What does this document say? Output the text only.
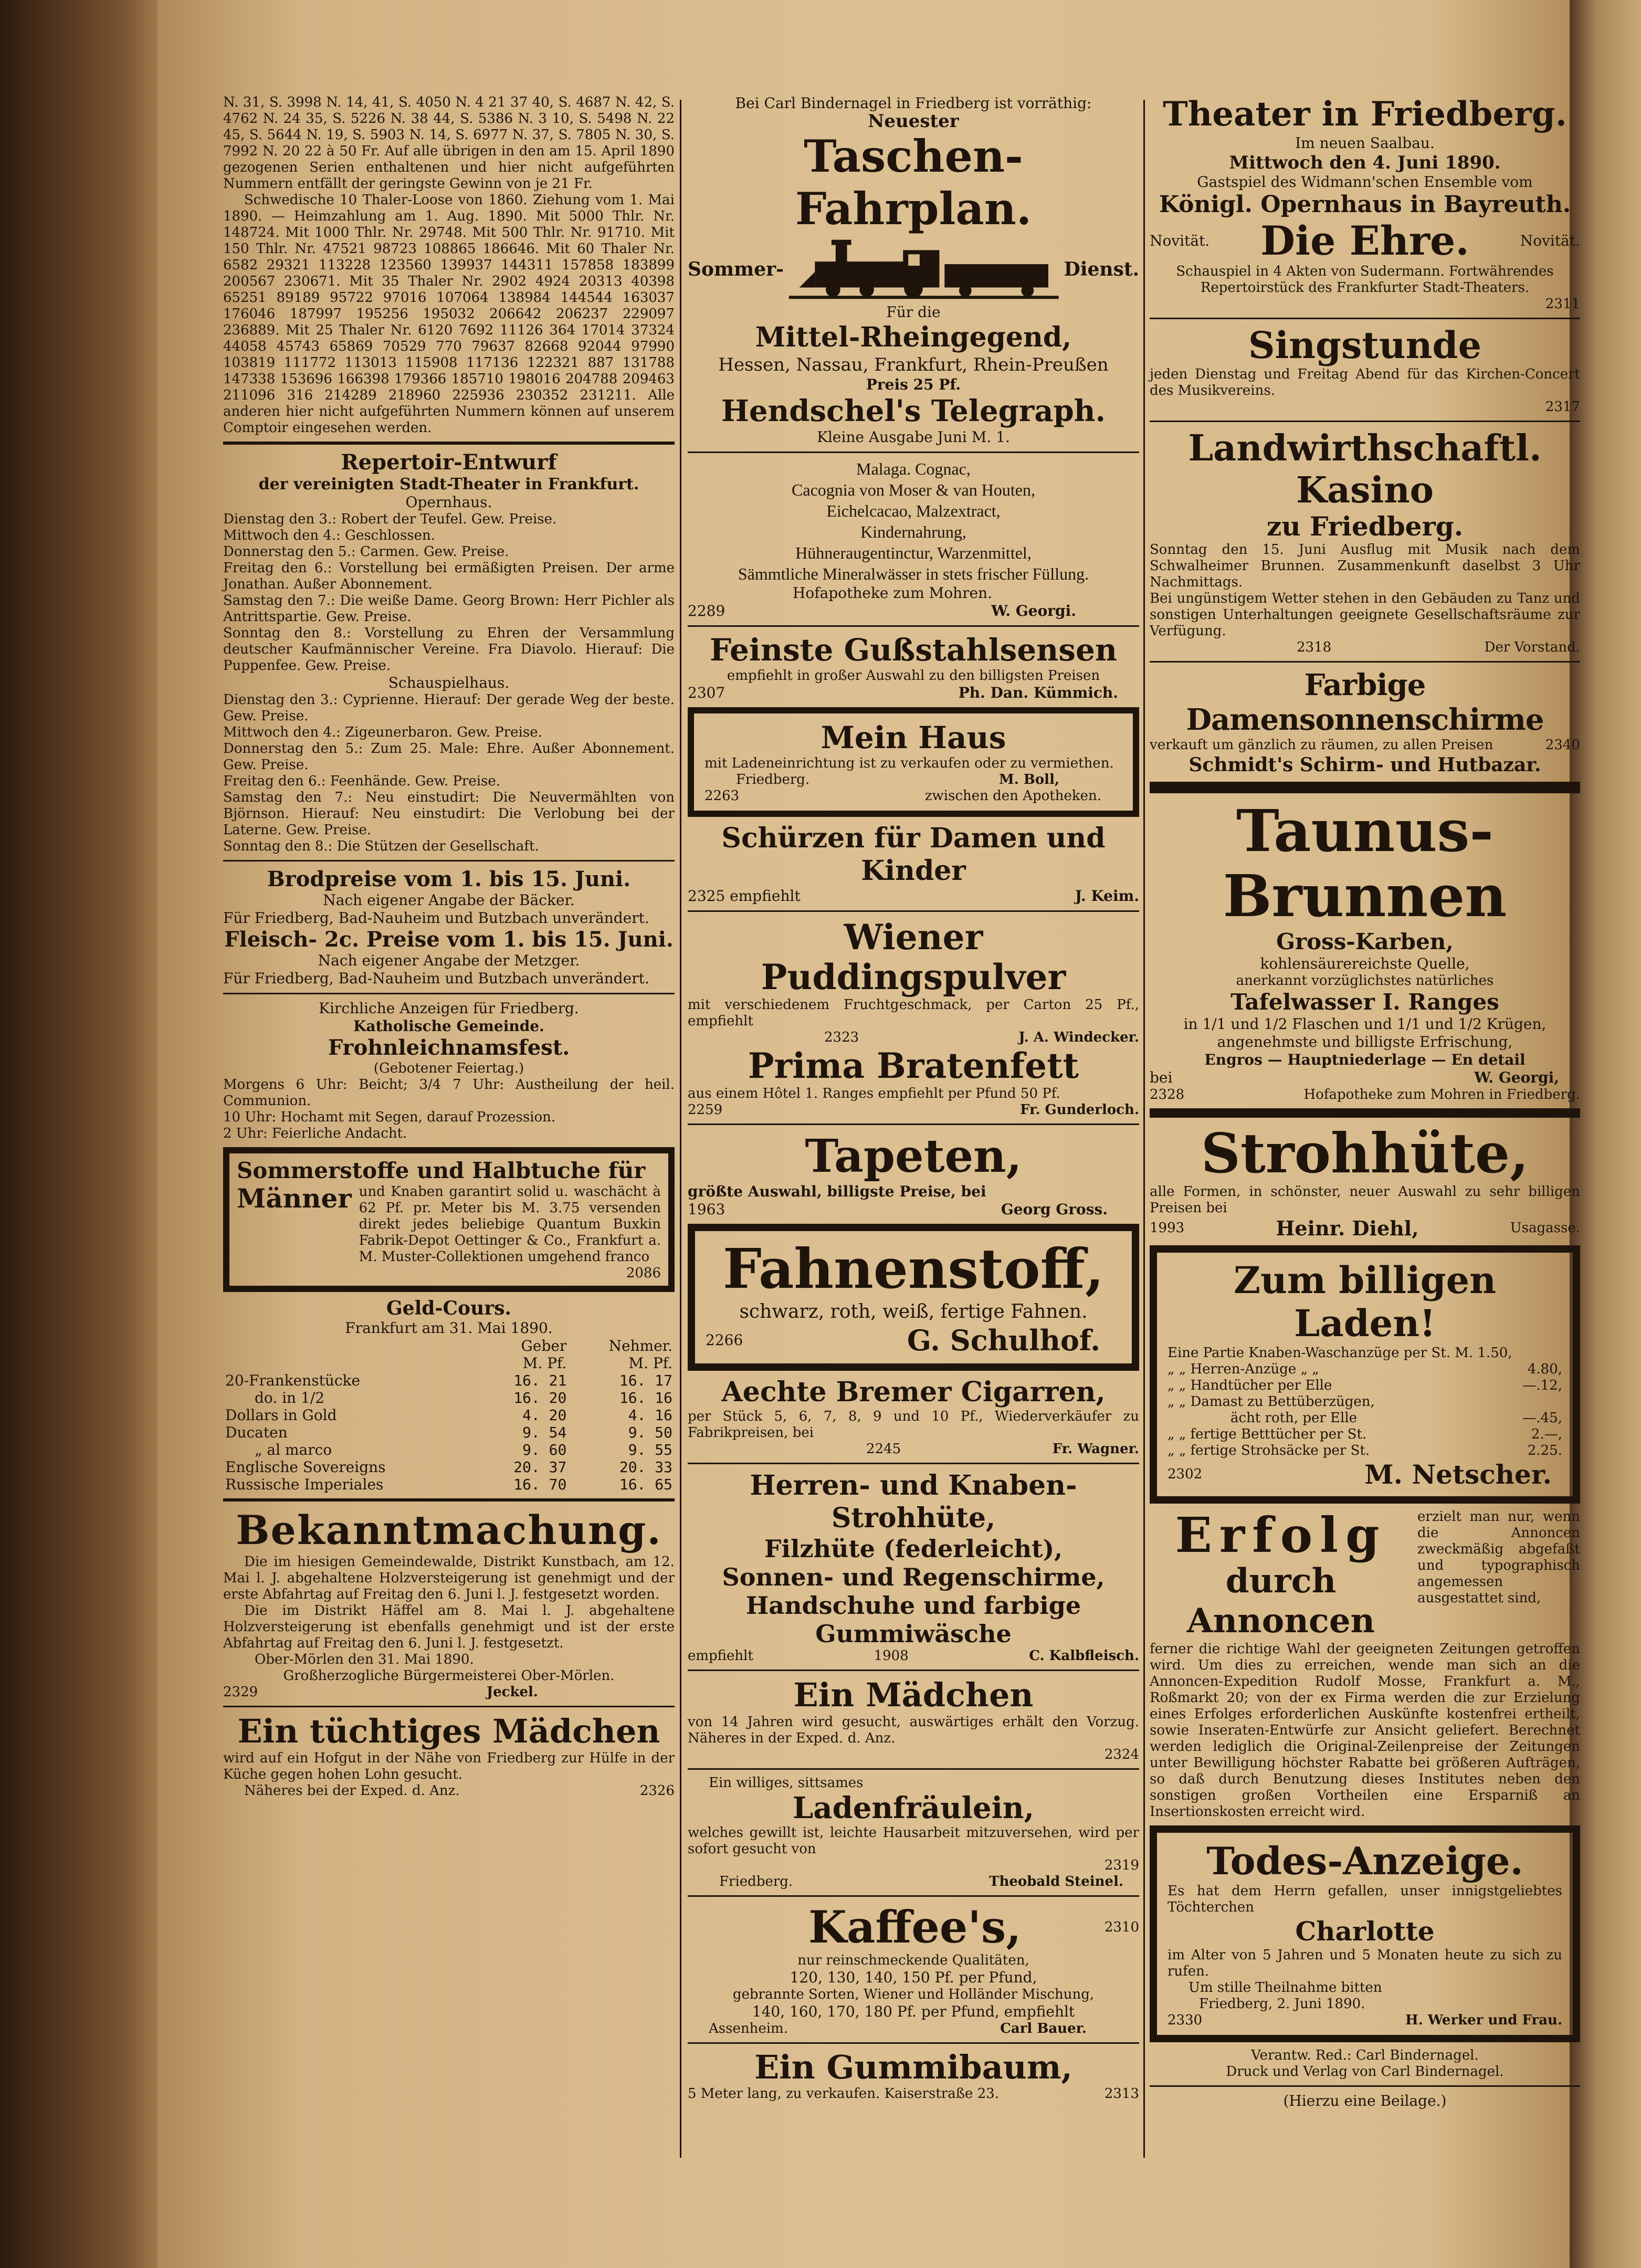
N. 31, S. 3998 N. 14, 41, S. 4050 N. 4 21 37 40, S. 4687 N. 42, S. 4762 N. 24 35, S. 5226 N. 38 44, S. 5386 N. 3 10, S. 5498 N. 22 45, S. 5644 N. 19, S. 5903 N. 14, S. 6977 N. 37, S. 7805 N. 30, S. 7992 N. 20 22 à 50 Fr. Auf alle übrigen in den am 15. April 1890 gezogenen Serien enthaltenen und hier nicht aufgeführten Nummern entfällt der geringste Gewinn von je 21 Fr.
Schwedische 10 Thaler-Loose von 1860. Ziehung vom 1. Mai 1890. — Heimzahlung am 1. Aug. 1890. Mit 5000 Thlr. Nr. 148724. Mit 1000 Thlr. Nr. 29748. Mit 500 Thlr. Nr. 91710. Mit 150 Thlr. Nr. 47521 98723 108865 186646. Mit 60 Thaler Nr. 6582 29321 113228 123560 139937 144311 157858 183899 200567 230671. Mit 35 Thaler Nr. 2902 4924 20313 40398 65251 89189 95722 97016 107064 138984 144544 163037 176046 187997 195256 195032 206642 206237 229097 236889. Mit 25 Thaler Nr. 6120 7692 11126 364 17014 37324 44058 45743 65869 70529 770 79637 82668 92044 97990 103819 111772 113013 115908 117136 122321 887 131788 147338 153696 166398 179366 185710 198016 204788 209463 211096 316 214289 218960 225936 230352 231211. Alle anderen hier nicht aufgeführten Nummern können auf unserem Comptoir eingesehen werden.
Repertoir-Entwurf
der vereinigten Stadt-Theater in Frankfurt.
Opernhaus.
Dienstag den 3.: Robert der Teufel. Gew. Preise.
Mittwoch den 4.: Geschlossen.
Donnerstag den 5.: Carmen. Gew. Preise.
Freitag den 6.: Vorstellung bei ermäßigten Preisen. Der arme Jonathan. Außer Abonnement.
Samstag den 7.: Die weiße Dame. Georg Brown: Herr Pichler als Antrittspartie. Gew. Preise.
Sonntag den 8.: Vorstellung zu Ehren der Versammlung deutscher Kaufmännischer Vereine. Fra Diavolo. Hierauf: Die Puppenfee. Gew. Preise.
Schauspielhaus.
Dienstag den 3.: Cyprienne. Hierauf: Der gerade Weg der beste. Gew. Preise.
Mittwoch den 4.: Zigeunerbaron. Gew. Preise.
Donnerstag den 5.: Zum 25. Male: Ehre. Außer Abonnement. Gew. Preise.
Freitag den 6.: Feenhände. Gew. Preise.
Samstag den 7.: Neu einstudirt: Die Neuvermählten von Björnson. Hierauf: Neu einstudirt: Die Verlobung bei der Laterne. Gew. Preise.
Sonntag den 8.: Die Stützen der Gesellschaft.
Brodpreise vom 1. bis 15. Juni.
Nach eigener Angabe der Bäcker.
Für Friedberg, Bad-Nauheim und Butzbach unverändert.
Fleisch- 2c. Preise vom 1. bis 15. Juni.
Nach eigener Angabe der Metzger.
Für Friedberg, Bad-Nauheim und Butzbach unverändert.
Kirchliche Anzeigen für Friedberg.
Katholische Gemeinde.
Frohnleichnamsfest.
(Gebotener Feiertag.)
Morgens 6 Uhr: Beicht; 3/4 7 Uhr: Austheilung der heil. Communion.
10 Uhr: Hochamt mit Segen, darauf Prozession.
2 Uhr: Feierliche Andacht.
Sommerstoffe und Halbtuche für
Männer und Knaben garantirt solid u. waschächt à 62 Pf. pr. Meter bis M. 3.75 versenden direkt jedes beliebige Quantum Buxkin Fabrik-Depot Oettinger & Co., Frankfurt a. M. Muster-Collektionen umgehend franco
2086
Geld-Cours.
Frankfurt am 31. Mai 1890.
	Geber	Nehmer.
	M. Pf.	M. Pf.
20-Frankenstücke	16. 21	16. 17
do. in 1/2	16. 20	16. 16
Dollars in Gold	4. 20	4. 16
Ducaten	9. 54	9. 50
„ al marco	9. 60	9. 55
Englische Sovereigns	20. 37	20. 33
Russische Imperiales	16. 70	16. 65
Bekanntmachung.
Die im hiesigen Gemeindewalde, Distrikt Kunstbach, am 12. Mai l. J. abgehaltene Holzversteigerung ist genehmigt und der erste Abfahrtag auf Freitag den 6. Juni l. J. festgesetzt worden.
Die im Distrikt Häffel am 8. Mai l. J. abgehaltene Holzversteigerung ist ebenfalls genehmigt und ist der erste Abfahrtag auf Freitag den 6. Juni l. J. festgesetzt.
Ober-Mörlen den 31. Mai 1890.
Großherzogliche Bürgermeisterei Ober-Mörlen.
2329	Jeckel.
Ein tüchtiges Mädchen
wird auf ein Hofgut in der Nähe von Friedberg zur Hülfe in der Küche gegen hohen Lohn gesucht.
Näheres bei der Exped. d. Anz.	2326
Bei Carl Bindernagel in Friedberg ist vorräthig:
Neuester
Taschen-Fahrplan.
Sommer-	Dienst.
Für die
Mittel-Rheingegend,
Hessen, Nassau, Frankfurt, Rhein-Preußen
Preis 25 Pf.
Hendschel's Telegraph.
Kleine Ausgabe Juni M. 1.
Malaga. Cognac,
Cacognia von Moser & van Houten,
Eichelcacao, Malzextract,
Kindernahrung,
Hühneraugentinctur, Warzenmittel,
Sämmtliche Mineralwässer in stets frischer Füllung.
Hofapotheke zum Mohren.
2289	W. Georgi.
Feinste Gußstahlsensen
empfiehlt in großer Auswahl zu den billigsten Preisen
2307	Ph. Dan. Kümmich.
Mein Haus
mit Ladeneinrichtung ist zu verkaufen oder zu vermiethen.
Friedberg.	M. Boll,
2263	zwischen den Apotheken.
Schürzen für Damen und Kinder
2325 empfiehlt	J. Keim.
Wiener Puddingspulver
mit verschiedenem Fruchtgeschmack, per Carton 25 Pf., empfiehlt
2323	J. A. Windecker.
Prima Bratenfett
aus einem Hôtel 1. Ranges empfiehlt per Pfund 50 Pf.
2259	Fr. Gunderloch.
Tapeten,
größte Auswahl, billigste Preise, bei
1963	Georg Gross.
Fahnenstoff,
schwarz, roth, weiß, fertige Fahnen.
2266	G. Schulhof.
Aechte Bremer Cigarren,
per Stück 5, 6, 7, 8, 9 und 10 Pf., Wiederverkäufer zu Fabrikpreisen, bei
2245	Fr. Wagner.
Herren- und Knaben-Strohhüte,
Filzhüte (federleicht),
Sonnen- und Regenschirme,
Handschuhe und farbige Gummiwäsche
empfiehlt	1908	C. Kalbfleisch.
Ein Mädchen
von 14 Jahren wird gesucht, auswärtiges erhält den Vorzug. Näheres in der Exped. d. Anz.
2324
Ein williges, sittsames
Ladenfräulein,
welches gewillt ist, leichte Hausarbeit mitzuversehen, wird per sofort gesucht von
2319
Friedberg.	Theobald Steinel.
Kaffee's,	2310
nur reinschmeckende Qualitäten,
120, 130, 140, 150 Pf. per Pfund,
gebrannte Sorten, Wiener und Holländer Mischung,
140, 160, 170, 180 Pf. per Pfund, empfiehlt
Assenheim.	Carl Bauer.
Ein Gummibaum,
5 Meter lang, zu verkaufen. Kaiserstraße 23.	2313
Theater in Friedberg.
Im neuen Saalbau.
Mittwoch den 4. Juni 1890.
Gastspiel des Widmann'schen Ensemble vom
Königl. Opernhaus in Bayreuth.
Novität. Die Ehre.	Novität.
Schauspiel in 4 Akten von Sudermann. Fortwährendes Repertoirstück des Frankfurter Stadt-Theaters.
2311
Singstunde
jeden Dienstag und Freitag Abend für das Kirchen-Concert des Musikvereins.
2317
Landwirthschaftl. Kasino
zu Friedberg.
Sonntag den 15. Juni Ausflug mit Musik nach dem Schwalheimer Brunnen. Zusammenkunft daselbst 3 Uhr Nachmittags.
Bei ungünstigem Wetter stehen in den Gebäuden zu Tanz und sonstigen Unterhaltungen geeignete Gesellschaftsräume zur Verfügung.
2318	Der Vorstand.
Farbige Damensonnenschirme
verkauft um gänzlich zu räumen, zu allen Preisen	2340
Schmidt's Schirm- und Hutbazar.
Taunus-Brunnen
Gross-Karben,
kohlensäurereichste Quelle,
anerkannt vorzüglichstes natürliches
Tafelwasser I. Ranges
in 1/1 und 1/2 Flaschen und 1/1 und 1/2 Krügen,
angenehmste und billigste Erfrischung,
Engros — Hauptniederlage — En detail
bei	W. Georgi,
2328	Hofapotheke zum Mohren in Friedberg.
Strohhüte,
alle Formen, in schönster, neuer Auswahl zu sehr billigen Preisen bei
1993	Heinr. Diehl,	Usagasse.
Zum billigen Laden!
Eine Partie Knaben-Waschanzüge per St. M. 1.50,
„ „ Herren-Anzüge „ „	4.80,
„ „ Handtücher per Elle	—.12,
„ „ Damast zu Bettüberzügen,
ächt roth, per Elle	—.45,
„ „ fertige Betttücher per St.	2.—,
„ „ fertige Strohsäcke per St.	2.25.
2302	M. Netscher.
Erfolg
durch Annoncen
erzielt man nur, wenn die Annoncen zweckmäßig abgefaßt und typographisch angemessen ausgestattet sind,
ferner die richtige Wahl der geeigneten Zeitungen getroffen wird. Um dies zu erreichen, wende man sich an die Annoncen-Expedition Rudolf Mosse, Frankfurt a. M., Roßmarkt 20; von der ex Firma werden die zur Erzielung eines Erfolges erforderlichen Auskünfte kostenfrei ertheilt, sowie Inseraten-Entwürfe zur Ansicht geliefert. Berechnet werden lediglich die Original-Zeilenpreise der Zeitungen unter Bewilligung höchster Rabatte bei größeren Aufträgen, so daß durch Benutzung dieses Institutes neben den sonstigen großen Vortheilen eine Ersparniß an Insertionskosten erreicht wird.
Todes-Anzeige.
Es hat dem Herrn gefallen, unser innigstgeliebtes Töchterchen
Charlotte
im Alter von 5 Jahren und 5 Monaten heute zu sich zu rufen.
Um stille Theilnahme bitten
Friedberg, 2. Juni 1890.
2330	H. Werker und Frau.
Verantw. Red.: Carl Bindernagel.
Druck und Verlag von Carl Bindernagel.
(Hierzu eine Beilage.)
